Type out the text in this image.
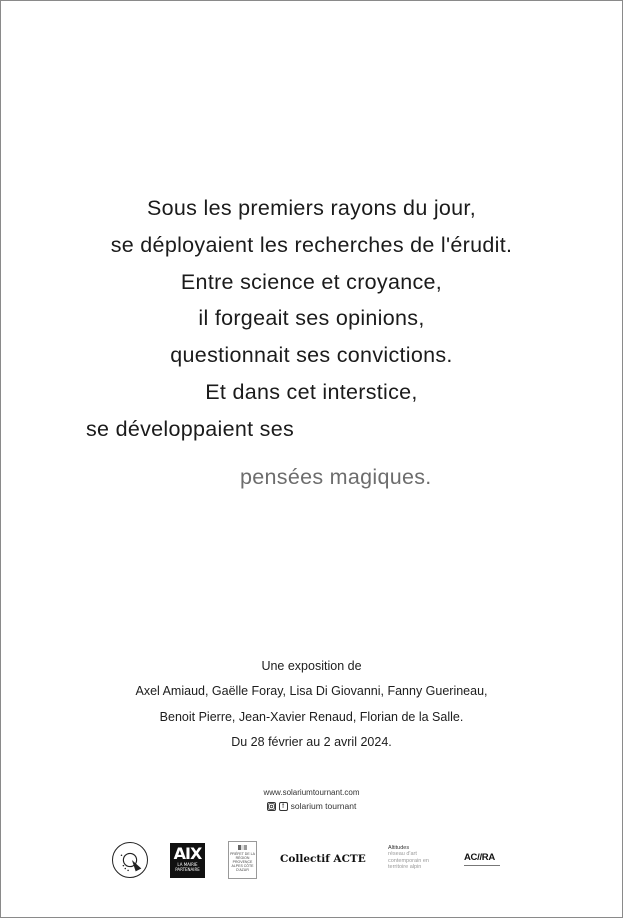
Sous les premiers rayons du jour,
se déployaient les recherches de l'érudit.
Entre science et croyance,
il forgeait ses opinions,
questionnait ses convictions.
Et dans cet interstice,
se développaient ses
pensées magiques.
Une exposition de
Axel Amiaud, Gaëlle Foray, Lisa Di Giovanni, Fanny Guerineau,
Benoit Pierre, Jean-Xavier Renaud, Florian de la Salle.
Du 28 février au 2 avril 2024.
www.solariumtournant.com
f solarium tournant
AIX
LA MAIRIE PARTENAIRE
PRÉFET DE LA RÉGION PROVENCE ALPES CÔTE D'AZUR
Collectif ACTE
Altitudes
réseau d'art contemporain en territoire alpin
AC//RA
